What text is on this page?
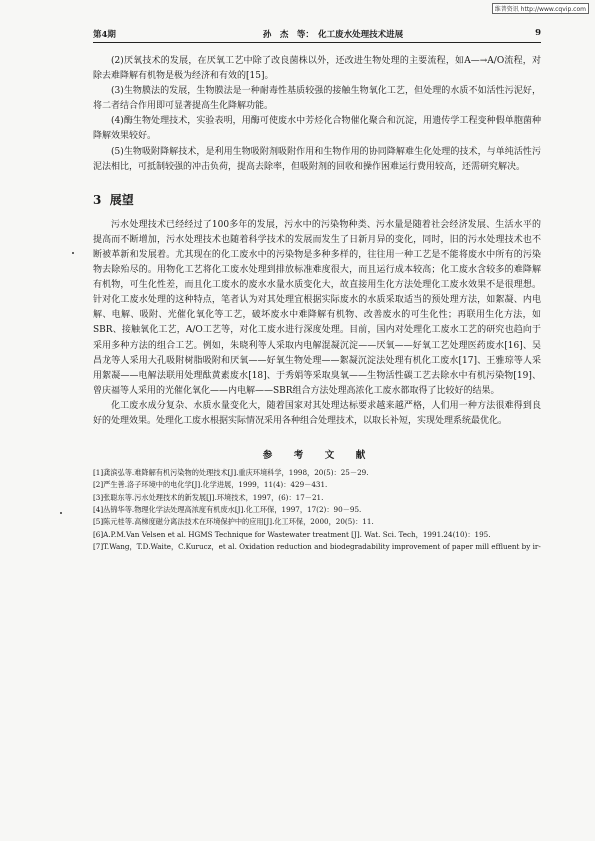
维普资讯 http://www.cqvip.com
第4期	孙　杰　等：　化工废水处理技术进展	9

(2)厌氧技术的发展，在厌氧工艺中除了改良菌株以外，还改进生物处理的主要流程，如A—→A/O流程，对除去难降解有机物是极为经济和有效的[15]。

(3)生物膜法的发展，生物膜法是一种耐毒性基质较强的接触生物氧化工艺，但处理的水质不如活性污泥好，将二者结合作用即可显著提高生化降解功能。

(4)酶生物处理技术，实验表明，用酶可使废水中芳烃化合物催化聚合和沉淀，用遗传学工程变种假单胞菌种降解效果较好。

(5)生物吸附降解技术，是利用生物吸附剂吸附作用和生物作用的协同降解难生化处理的技术，与单纯活性污泥法相比，可抵制较强的冲击负荷，提高去除率，但吸附剂的回收和操作困难运行费用较高，还需研究解决。

3 展望

污水处理技术已经经过了100多年的发展，污水中的污染物种类、污水量是随着社会经济发展、生活水平的提高而不断增加，污水处理技术也随着科学技术的发展而发生了日新月异的变化，同时，旧的污水处理技术也不断被革新和发展着。尤其现在的化工废水中的污染物是多种多样的，往往用一种工艺是不能将废水中所有的污染物去除殆尽的。用物化工艺将化工废水处理到排放标准难度很大，而且运行成本较高；化工废水含较多的难降解有机物，可生化性差，而且化工废水的废水水量水质变化大，故直接用生化方法处理化工废水效果不是很理想。针对化工废水处理的这种特点，笔者认为对其处理宜根据实际废水的水质采取适当的预处理方法，如絮凝、内电解、电解、吸附、光催化氧化等工艺，破坏废水中难降解有机物、改善废水的可生化性；再联用生化方法，如SBR、接触氧化工艺，A/O工艺等，对化工废水进行深度处理。目前，国内对处理化工废水工艺的研究也趋向于采用多种方法的组合工艺。例如，朱晓利等人采取内电解混凝沉淀——厌氧——好氧工艺处理医药废水[16]、吴昌龙等人采用大孔吸附树脂吸附和厌氧——好氧生物处理——絮凝沉淀法处理有机化工废水[17]、王雅琼等人采用絮凝——电解法联用处理酞黄素废水[18]、于秀娟等采取臭氧——生物活性碳工艺去除水中有机污染物[19]、曾庆福等人采用的光催化氧化——内电解——SBR组合方法处理高浓化工废水都取得了比较好的结果。

化工废水成分复杂、水质水量变化大，随着国家对其处理达标要求越来越严格，人们用一种方法很难得到良好的处理效果。处理化工废水根据实际情况采用各种组合处理技术，以取长补短，实现处理系统最优化。

参　考　文　献
[1]龚滨弘等.难降解有机污染物的处理技术[J].重庆环境科学，1998，20(5)：25－29.
[2]严生善.洛子环境中的电化学[J].化学进展，1999，11(4)：429－431.
[3]张聪东等.污水处理技术的新发展[J].环境技术，1997，(6)：17－21.
[4]丛锦华等.物理化学法处理高浓度有机废水[J].化工环保，1997，17(2)：90－95.
[5]陈元桂等.高梯度磁分离法技术在环境保护中的应用[J].化工环保，2000，20(5)：11.
[6]A.P.M.Van Velsen et al. HGMS Technique for Wastewater treatment [J]. Wat. Sci. Tech，1991.24(10)：195.
[7]T.Wang，T.D.Waite，C.Kurucz，et al. Oxidation reduction and biodegradability improvement of paper mill effluent by ir-
